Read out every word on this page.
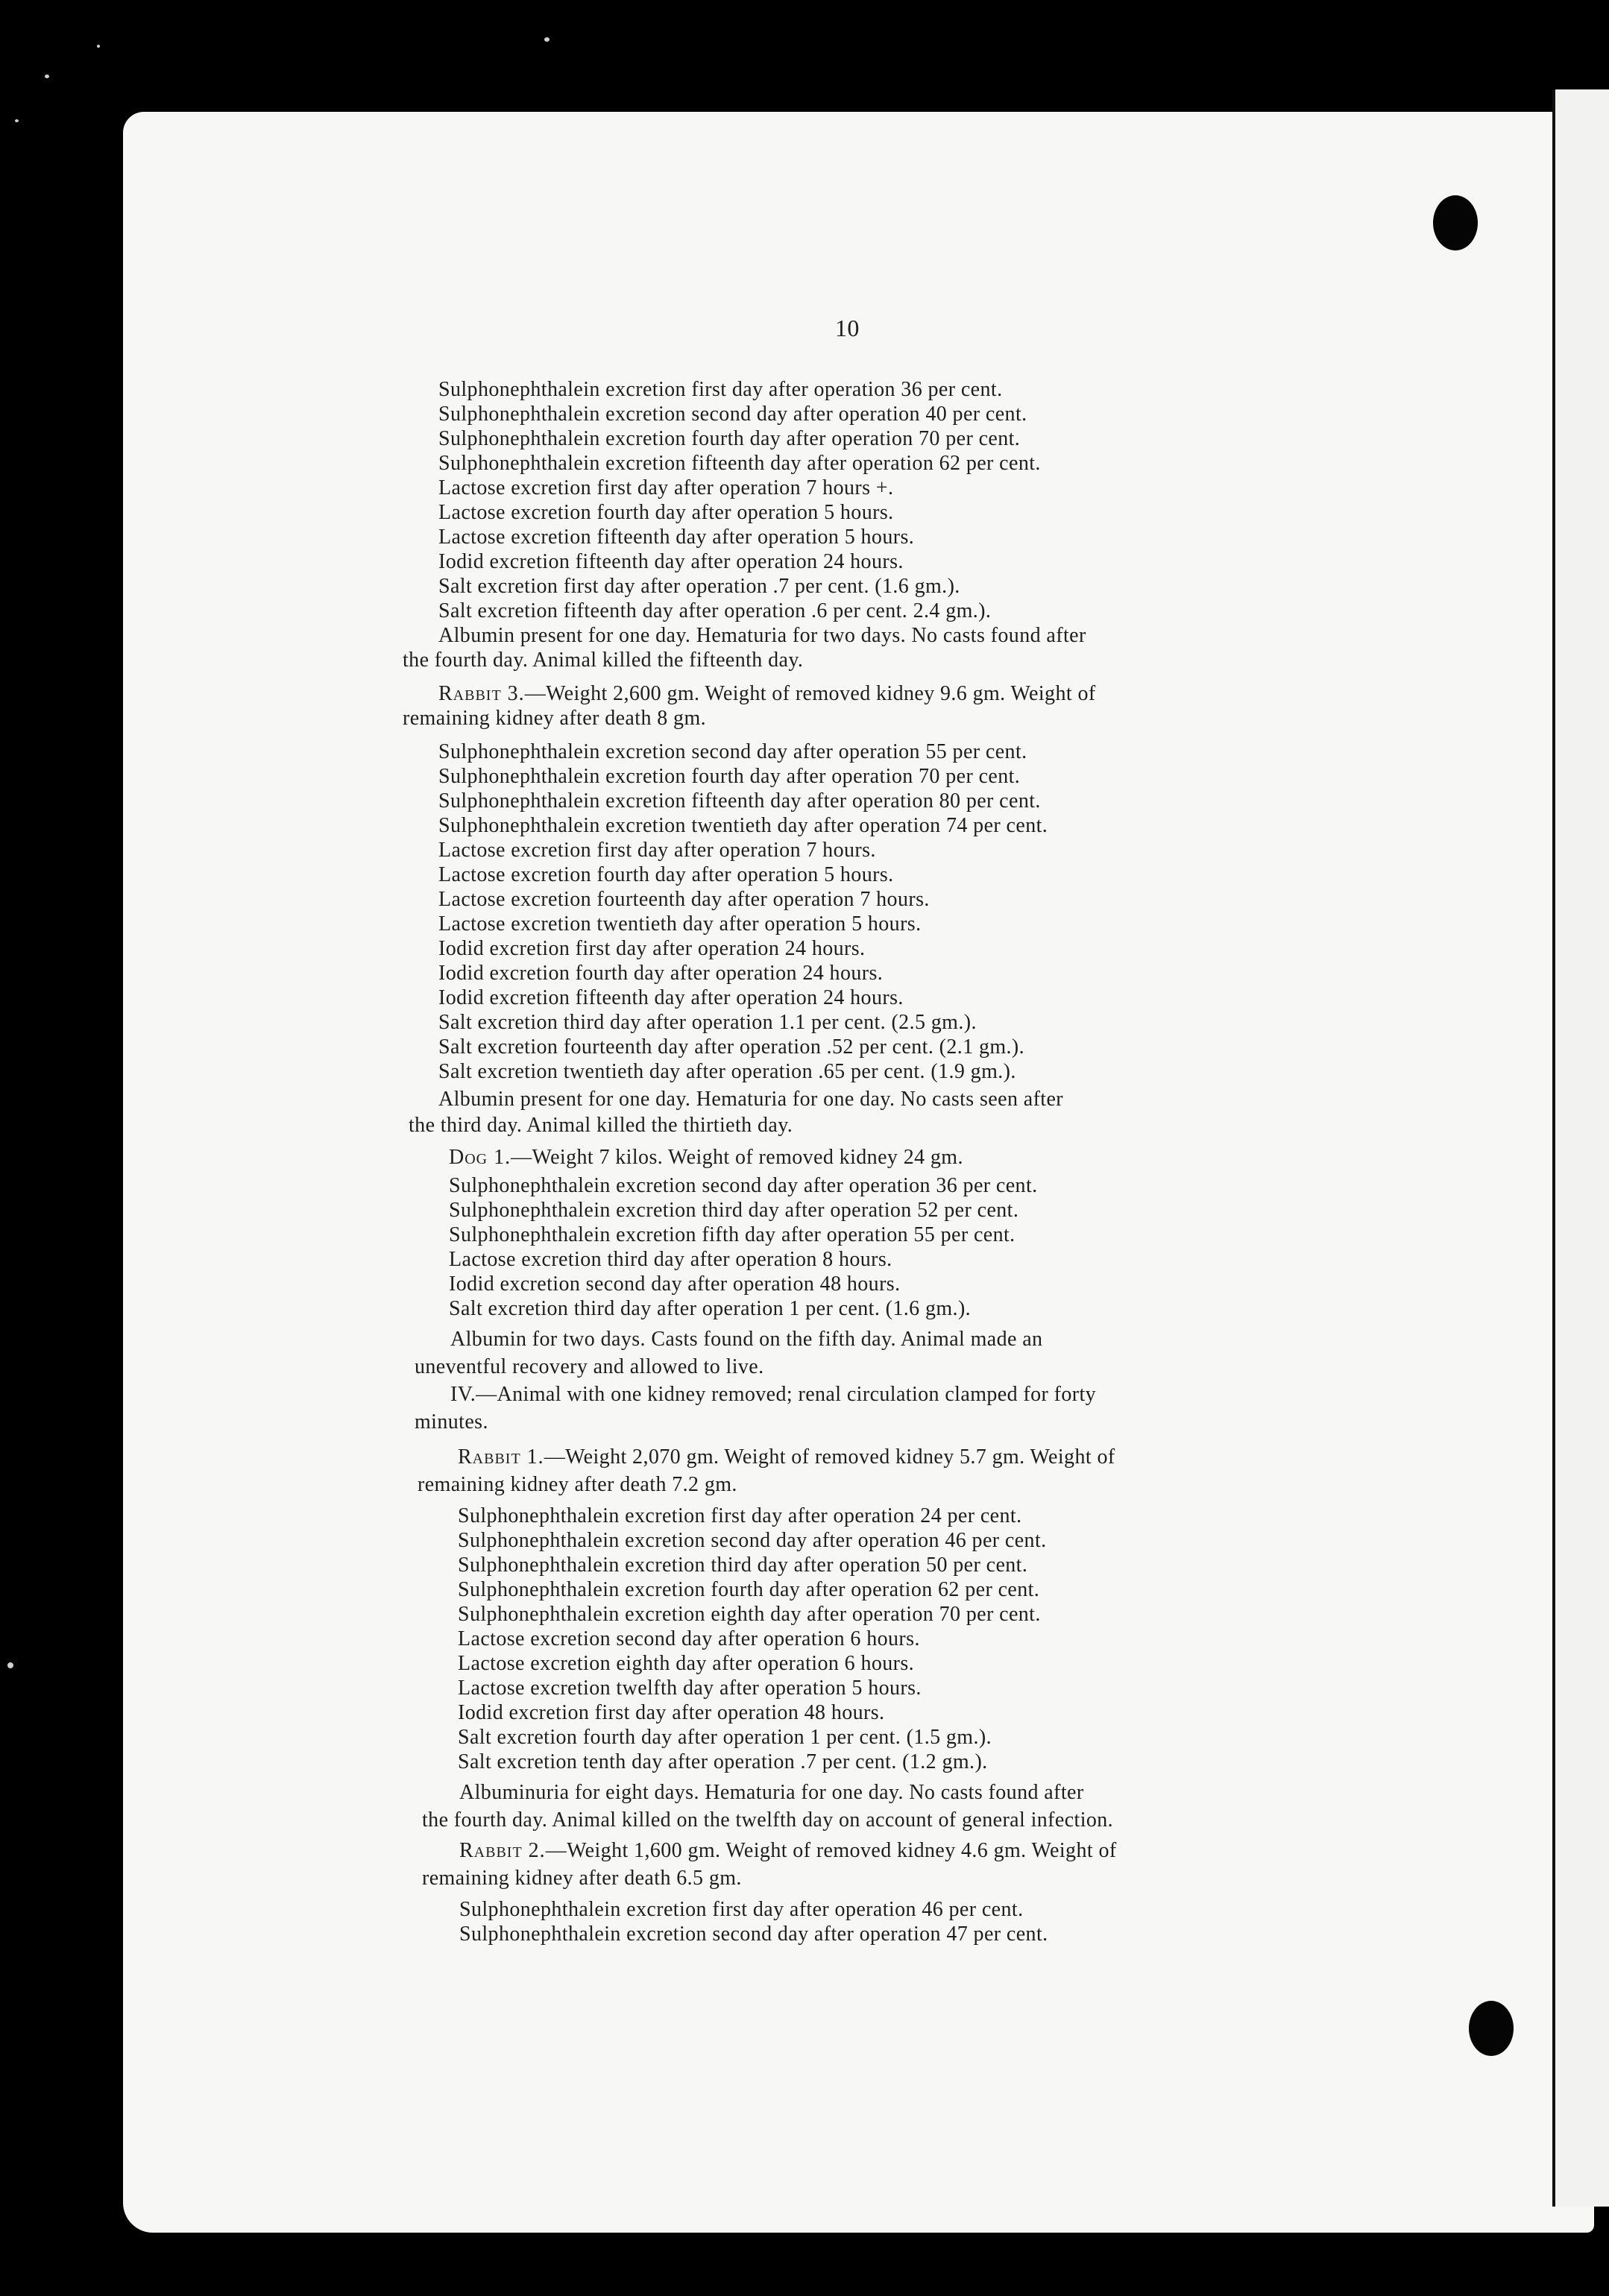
10
Sulphonephthalein excretion first day after operation 36 per cent.
Sulphonephthalein excretion second day after operation 40 per cent.
Sulphonephthalein excretion fourth day after operation 70 per cent.
Sulphonephthalein excretion fifteenth day after operation 62 per cent.
Lactose excretion first day after operation 7 hours +.
Lactose excretion fourth day after operation 5 hours.
Lactose excretion fifteenth day after operation 5 hours.
Iodid excretion fifteenth day after operation 24 hours.
Salt excretion first day after operation .7 per cent. (1.6 gm.).
Salt excretion fifteenth day after operation .6 per cent. 2.4 gm.).
Albumin present for one day. Hematuria for two days. No casts found after
the fourth day. Animal killed the fifteenth day.
Rabbit 3.—Weight 2,600 gm. Weight of removed kidney 9.6 gm. Weight of
remaining kidney after death 8 gm.
Sulphonephthalein excretion second day after operation 55 per cent.
Sulphonephthalein excretion fourth day after operation 70 per cent.
Sulphonephthalein excretion fifteenth day after operation 80 per cent.
Sulphonephthalein excretion twentieth day after operation 74 per cent.
Lactose excretion first day after operation 7 hours.
Lactose excretion fourth day after operation 5 hours.
Lactose excretion fourteenth day after operation 7 hours.
Lactose excretion twentieth day after operation 5 hours.
Iodid excretion first day after operation 24 hours.
Iodid excretion fourth day after operation 24 hours.
Iodid excretion fifteenth day after operation 24 hours.
Salt excretion third day after operation 1.1 per cent. (2.5 gm.).
Salt excretion fourteenth day after operation .52 per cent. (2.1 gm.).
Salt excretion twentieth day after operation .65 per cent. (1.9 gm.).
Albumin present for one day. Hematuria for one day. No casts seen after
the third day. Animal killed the thirtieth day.
Dog 1.—Weight 7 kilos. Weight of removed kidney 24 gm.
Sulphonephthalein excretion second day after operation 36 per cent.
Sulphonephthalein excretion third day after operation 52 per cent.
Sulphonephthalein excretion fifth day after operation 55 per cent.
Lactose excretion third day after operation 8 hours.
Iodid excretion second day after operation 48 hours.
Salt excretion third day after operation 1 per cent. (1.6 gm.).
Albumin for two days. Casts found on the fifth day. Animal made an
uneventful recovery and allowed to live.
IV.—Animal with one kidney removed; renal circulation clamped for forty
minutes.
Rabbit 1.—Weight 2,070 gm. Weight of removed kidney 5.7 gm. Weight of
remaining kidney after death 7.2 gm.
Sulphonephthalein excretion first day after operation 24 per cent.
Sulphonephthalein excretion second day after operation 46 per cent.
Sulphonephthalein excretion third day after operation 50 per cent.
Sulphonephthalein excretion fourth day after operation 62 per cent.
Sulphonephthalein excretion eighth day after operation 70 per cent.
Lactose excretion second day after operation 6 hours.
Lactose excretion eighth day after operation 6 hours.
Lactose excretion twelfth day after operation 5 hours.
Iodid excretion first day after operation 48 hours.
Salt excretion fourth day after operation 1 per cent. (1.5 gm.).
Salt excretion tenth day after operation .7 per cent. (1.2 gm.).
Albuminuria for eight days. Hematuria for one day. No casts found after
the fourth day. Animal killed on the twelfth day on account of general infection.
Rabbit 2.—Weight 1,600 gm. Weight of removed kidney 4.6 gm. Weight of
remaining kidney after death 6.5 gm.
Sulphonephthalein excretion first day after operation 46 per cent.
Sulphonephthalein excretion second day after operation 47 per cent.
